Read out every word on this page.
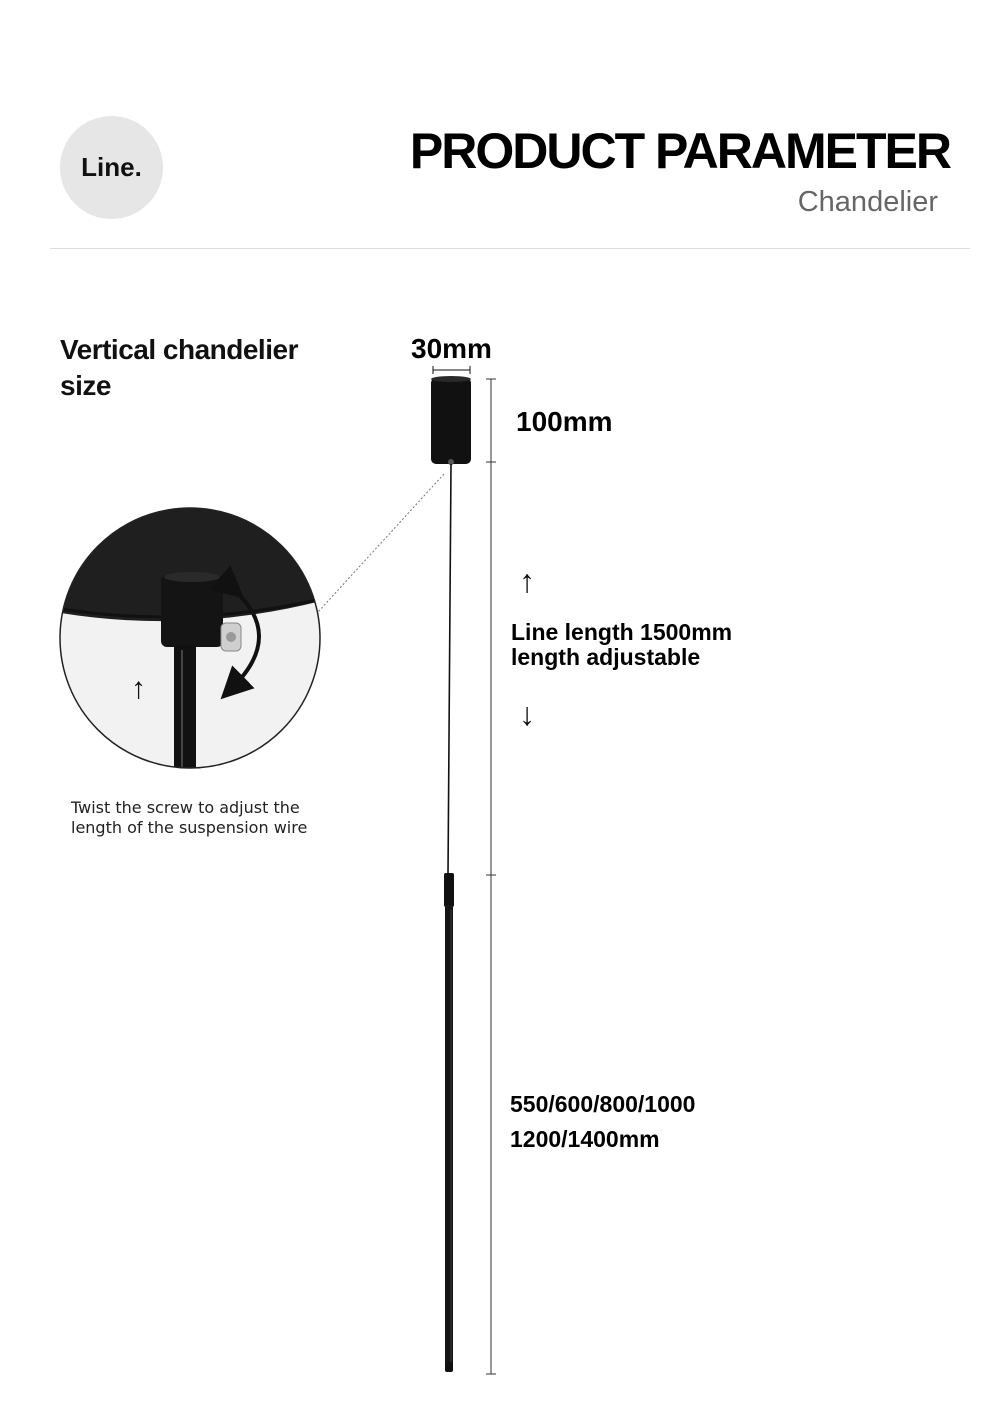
Line.	PRODUCT PARAMETER
Chandelier
Vertical chandelier size
30mm
100mm
↑
Line length 1500mm
length adjustable
↓
550/600/800/1000
1200/1400mm
↑
Twist the screw to adjust the
length of the suspension wire
